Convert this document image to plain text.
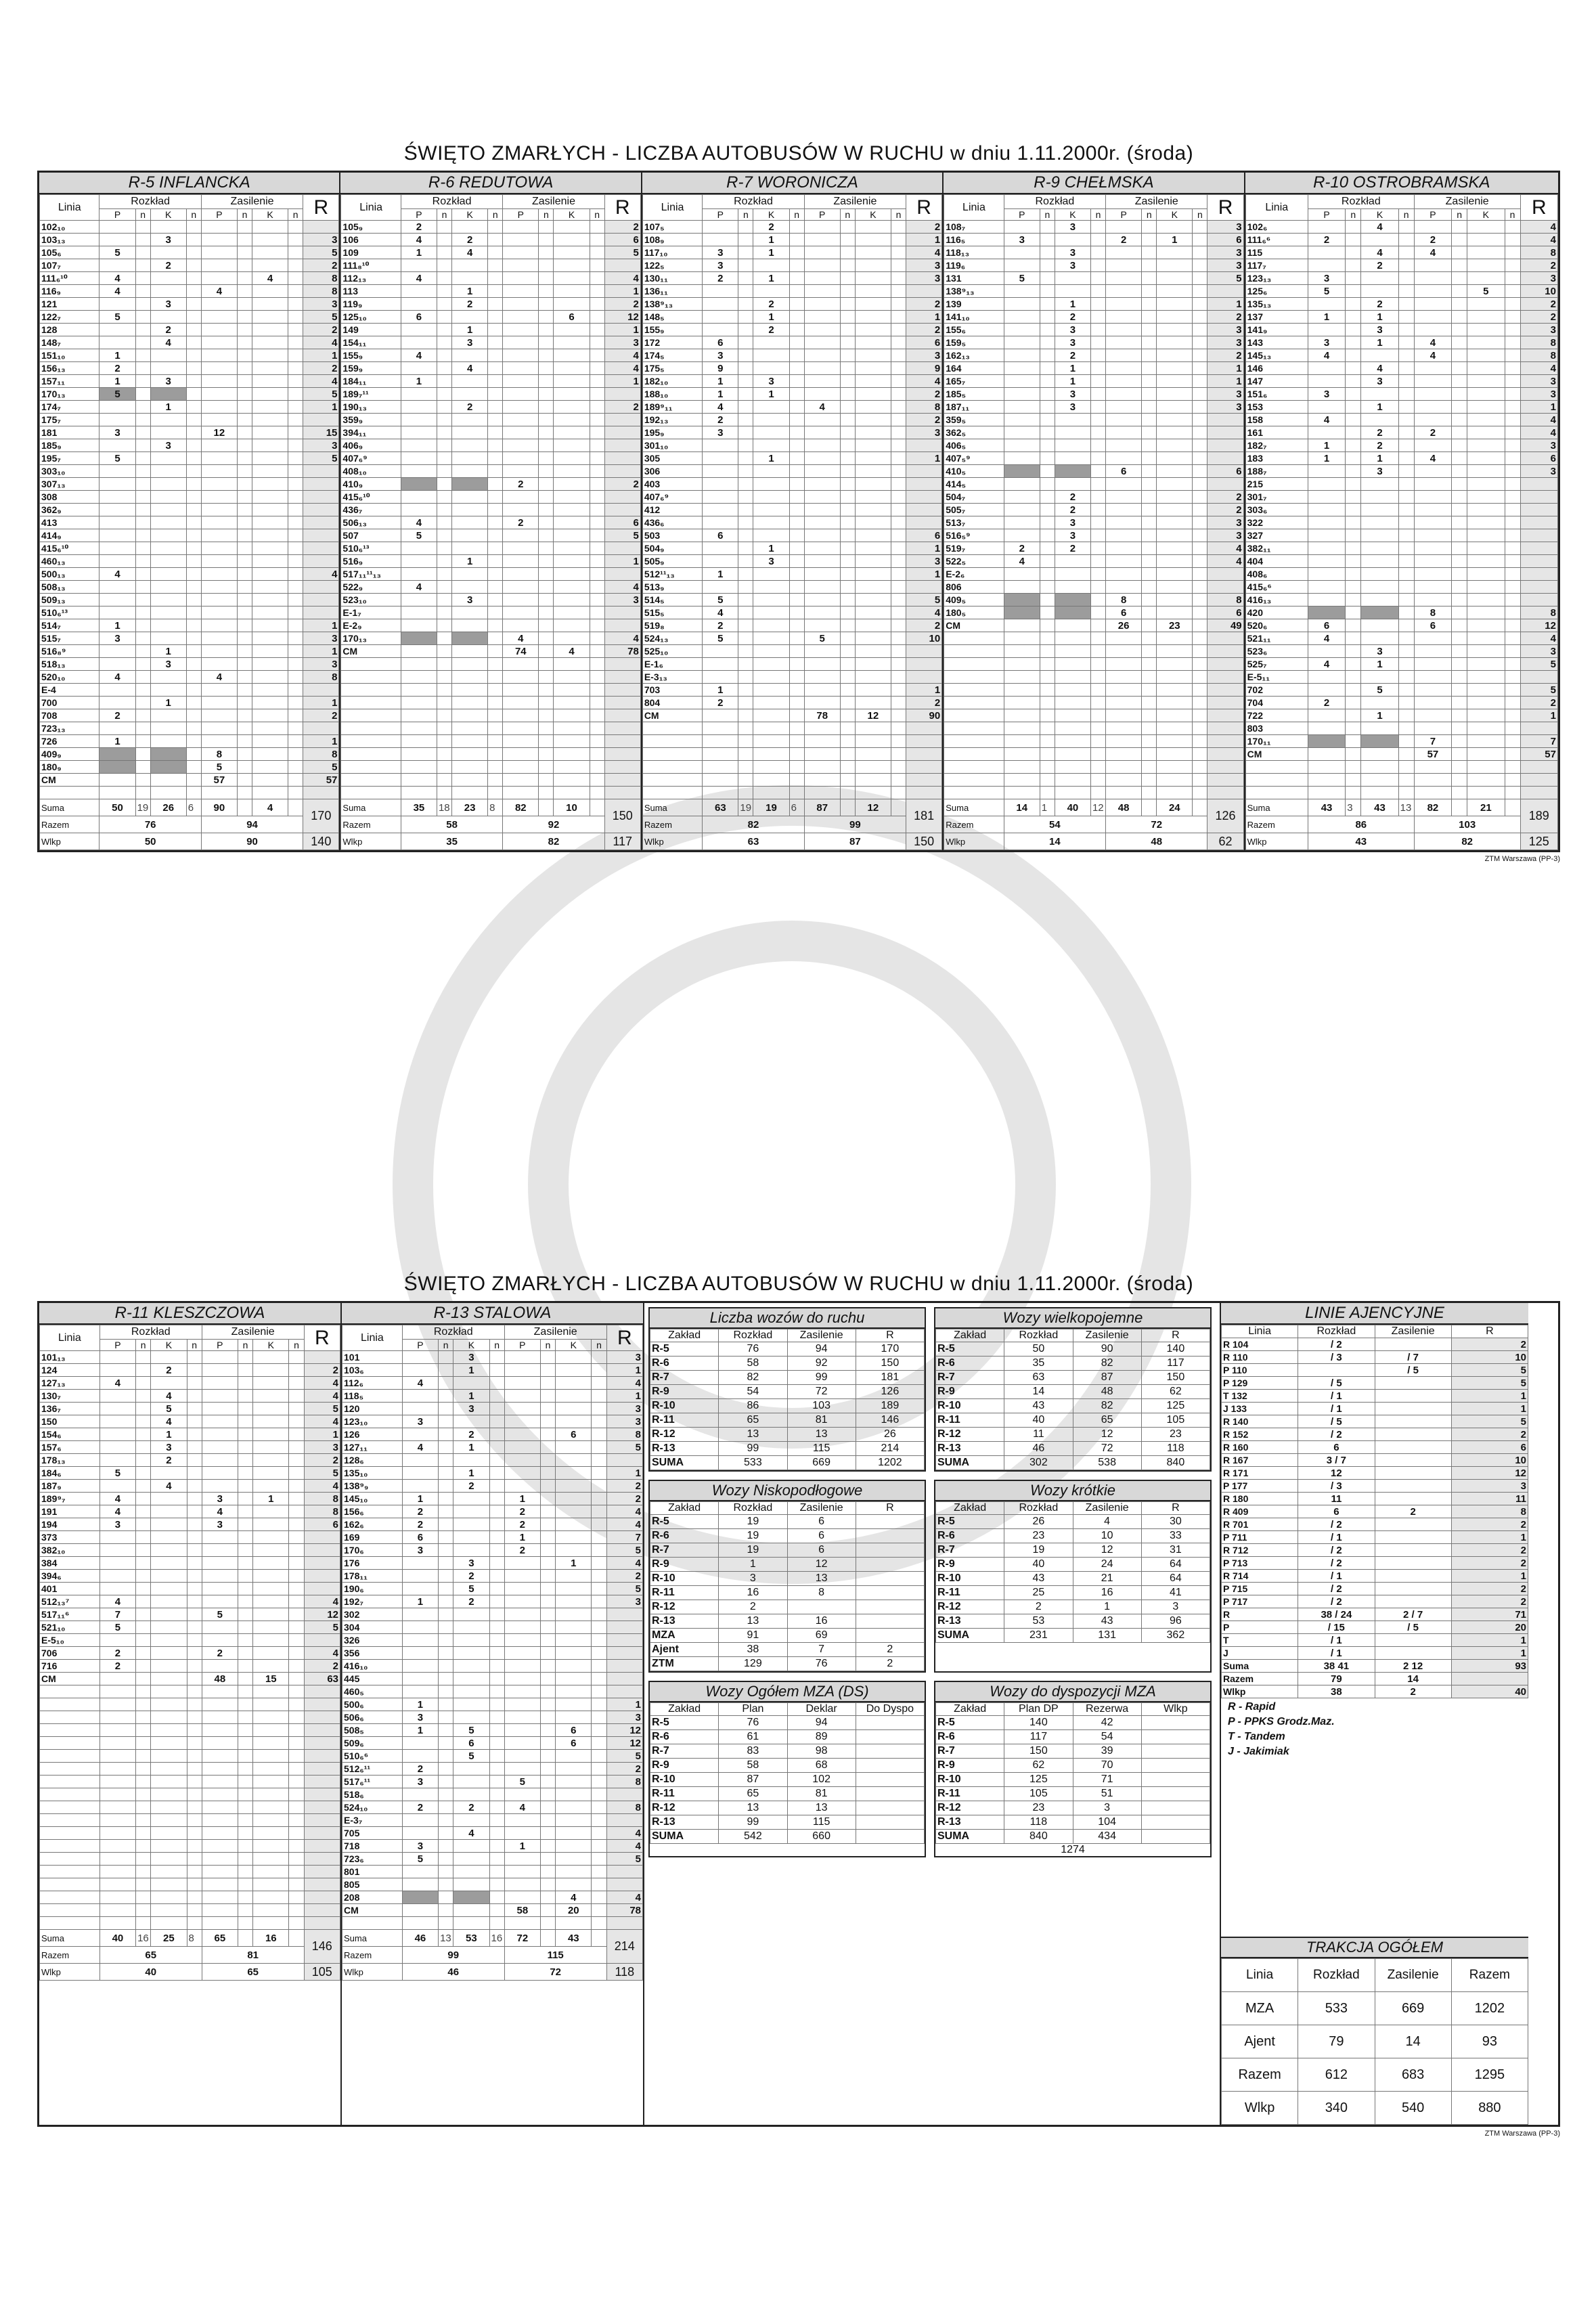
ŚWIĘTO ZMARŁYCH - LICZBA AUTOBUSÓW W RUCHU w dniu 1.11.2000r. (środa)
R-5 INFLANCKA
Linia	Rozkład				Zasilenie				R
	P	n	K	n	P	n	K	n	
102₁₀									
103₁₃			3						3
105₆	5								5
107₇			2						2
111₆¹⁰	4						4		8
116₉	4				4				8
121			3						3
122₇	5								5
128			2						2
148₇			4						4
151₁₀	1								1
156₁₃	2								2
157₁₁	1		3						4
170₁₃	5								5
174₇			1						1
175₇									
181	3				12				15
185₉			3						3
195₇	5								5
303₁₀									
307₁₃									
308									
362₉									
413									
414₉									
415₆¹⁰									
460₁₃									
500₁₃	4								4
508₁₃									
509₁₃									
510₆¹³									
514₇	1								1
515₇	3								3
516₈⁹			1						1
518₁₃			3						3
520₁₀	4				4				8
E-4									
700			1						1
708	2								2
723₁₃									
726	1								1
409₉					8				8
180₉					5				5
CM					57				57

Suma	50	19	26	6	90		4		170
Razem	76				94				
Wlkp	50				90				140
R-6 REDUTOWA
Linia	Rozkład				Zasilenie				R
	P	n	K	n	P	n	K	n	
105₉	2								2
106	4		2						6
109	1		4						5
111₈¹⁰									
112₁₃	4								4
113			1						1
119₉			2						2
125₁₀	6						6		12
149			1						1
154₁₁			3						3
155₉	4								4
159₉			4						4
184₁₁	1								1
189₇¹¹									
190₁₃			2						2
359₉									
394₁₁									
406₉									
407₆⁹									
408₁₀									
410₉					2				2
415₆¹⁰									
436₇									
506₁₃	4				2				6
507	5								5
510₆¹³									
516₉			1						1
517₁₁¹¹₁₃									
522₉	4								4
523₁₀			3						3
E-1₇									
E-2₉									
170₁₃					4				4
CM					74		4		78

Suma	35	18	23	8	82		10		150
Razem	58				92				
Wlkp	35				82				117
R-7 WORONICZA
Linia	Rozkład				Zasilenie				R
	P	n	K	n	P	n	K	n	
107₅			2						2
108₉			1						1
117₁₀	3		1						4
122₅	3								3
130₁₁	2		1						3
136₁₁									
138⁹₁₃			2						2
148₅			1						1
155₉			2						2
172	6								6
174₅	3								3
175₅	9								9
182₁₀	1		3						4
188₁₀	1		1						2
189⁹₁₁	4				4				8
192₁₃	2								2
195₉	3								3
301₁₀									
305			1						1
306									
403									
407₆⁹									
412									
436₆									
503	6								6
504₉			1						1
505₉			3						3
512¹¹₁₃	1								1
513₉									
514₅	5								5
515₅	4								4
519₈	2								2
524₁₃	5				5				10
525₁₀									
E-1₆									
E-3₁₃									
703	1								1
804	2								2
CM					78		12		90

Suma	63	19	19	6	87		12		181
Razem	82				99				
Wlkp	63				87				150
R-9 CHEŁMSKA
Linia	Rozkład				Zasilenie				R
	P	n	K	n	P	n	K	n	
108₇			3						3
116₅	3				2		1		6
118₁₃			3						3
119₆			3						3
131	5								5
138⁹₁₃									
139			1						1
141₁₀			2						2
155₆			3						3
159₅			3						3
162₁₃			2						2
164			1						1
165₇			1						1
185₅			3						3
187₁₁			3						3
359₅									
362₅									
406₅									
407₅⁹									
410₅					6				6
414₅									
504₇			2						2
505₇			2						2
513₇			3						3
516₅⁹			3						3
519₇	2		2						4
522₅	4								4
E-2₆									
806									
409₅					8				8
180₅					6				6
CM					26		23		49

Suma	14	1	40	12	48		24		126
Razem	54				72				
Wlkp	14				48				62
R-10 OSTROBRAMSKA
Linia	Rozkład				Zasilenie				R
	P	n	K	n	P	n	K	n	
102₆			4						4
111₆⁶	2				2				4
115			4		4				8
117₇			2						2
123₁₃	3								3
125₆	5						5		10
135₁₃			2						2
137	1		1						2
141₉			3						3
143	3		1		4				8
145₁₃	4				4				8
146			4						4
147			3						3
151₆	3								3
153			1						1
158	4								4
161			2		2				4
182₇	1		2						3
183	1		1		4				6
188₇			3						3
215									
301₇									
303₆									
322									
327									
382₁₁									
404									
408₆									
415₆⁶									
416₁₃									
420					8				8
520₆	6				6				12
521₁₁	4								4
523₆			3						3
525₇	4		1						5
E-5₁₁									
702			5						5
704	2								2
722			1						1
803									
170₁₁					7				7
CM					57				57

Suma	43	3	43	13	82		21		189
Razem	86				103				
Wlkp	43				82				125
ZTM Warszawa (PP-3)
ŚWIĘTO ZMARŁYCH - LICZBA AUTOBUSÓW W RUCHU w dniu 1.11.2000r. (środa)
R-11 KLESZCZOWA
Linia	Rozkład				Zasilenie				R
	P	n	K	n	P	n	K	n	
101₁₃									
124			2						2
127₁₃	4								4
130₇			4						4
136₇			5						5
150			4						4
154₆			1						1
157₆			3						3
178₁₃			2						2
184₆	5								5
187₉			4						4
189⁹₇	4				3		1		8
191	4				4				8
194	3				3				6
373									
382₁₀									
384									
394₆									
401									
512₁₃⁷	4								4
517₁₁⁶	7				5				12
521₁₀	5								5
E-5₁₀									
706	2				2				4
716	2								2
CM					48		15		63

Suma	40	16	25	8	65		16		146
Razem	65				81				
Wlkp	40				65				105
R-13 STALOWA
Linia	Rozkład				Zasilenie				R
	P	n	K	n	P	n	K	n	
101			3						3
103₆			1						1
112₆	4								4
118₅			1						1
120			3						3
123₁₀	3								3
126			2				6		8
127₁₁	4		1						5
128₆									
135₁₀			1						1
138⁹₉			2						2
145₁₀	1				1				2
156₆	2				2				4
162₆	2				2				4
169	6				1				7
170₆	3				2				5
176			3				1		4
178₁₁			2						2
190₆			5						5
192₇	1		2						3
302									
304									
326									
356									
416₁₀									
445									
460₅									
500₆	1								1
506₆	3								3
508₅	1		5				6		12
509₆			6				6		12
510₆⁶			5						5
512₆¹¹	2								2
517₆¹¹	3				5				8
518₆									
524₁₀	2		2		4				8
E-3₇									
705			4						4
718	3				1				4
723₆	5								5
801									
805									
208							4		4
CM					58		20		78

Suma	46	13	53	16	72		43		214
Razem	99				115				
Wlkp	46				72				118
Liczba wozów do ruchu
Zakład	Rozkład	Zasilenie	R
R-5	76	94	170
R-6	58	92	150
R-7	82	99	181
R-9	54	72	126
R-10	86	103	189
R-11	65	81	146
R-12	13	13	26
R-13	99	115	214
SUMA	533	669	1202
Wozy wielkopojemne
Zakład	Rozkład	Zasilenie	R
R-5	50	90	140
R-6	35	82	117
R-7	63	87	150
R-9	14	48	62
R-10	43	82	125
R-11	40	65	105
R-12	11	12	23
R-13	46	72	118
SUMA	302	538	840
Wozy Niskopodłogowe
Zakład	Rozkład	Zasilenie	R
R-5	19	6	
R-6	19	6	
R-7	19	6	
R-9	1	12	
R-10	3	13	
R-11	16	8	
R-12	2		
R-13	13	16	
MZA	91	69	
Ajent	38	7	2
ZTM	129	76	2
Wozy krótkie
Zakład	Rozkład	Zasilenie	R
R-5	26	4	30
R-6	23	10	33
R-7	19	12	31
R-9	40	24	64
R-10	43	21	64
R-11	25	16	41
R-12	2	1	3
R-13	53	43	96
SUMA	231	131	362
Wozy Ogółem MZA (DS)
Zakład	Plan	Deklar	Do Dyspo
R-5	76	94	
R-6	61	89	
R-7	83	98	
R-9	58	68	
R-10	87	102	
R-11	65	81	
R-12	13	13	
R-13	99	115	
SUMA	542	660	
Wozy do dyspozycji MZA
Zakład	Plan DP	Rezerwa	Wlkp
R-5	140	42	
R-6	117	54	
R-7	150	39	
R-9	62	70	
R-10	125	71	
R-11	105	51	
R-12	23	3	
R-13	118	104	
SUMA	840	434	
1274
LINIE AJENCYJNE
Linia	Rozkład	Zasilenie	R
R 104	/ 2		2
R 110	/ 3	/ 7	10
P 110		/ 5	5
P 129	/ 5		5
T 132	/ 1		1
J 133	/ 1		1
R 140	/ 5		5
R 152	/ 2		2
R 160	6		6
R 167	3 / 7		10
R 171	12		12
P 177	/ 3		3
R 180	11		11
R 409	6	2	8
R 701	/ 2		2
P 711	/ 1		1
R 712	/ 2		2
P 713	/ 2		2
R 714	/ 1		1
P 715	/ 2		2
P 717	/ 2		2
R	38 / 24	2 / 7	71
P	/ 15	/ 5	20
T	/ 1		1
J	/ 1		1
Suma	38 41	2 12	93
Razem	79	14	
Wlkp	38	2	40
R - Rapid
P - PPKS Grodz.Maz.
T - Tandem
J - Jakimiak
TRAKCJA OGÓŁEM
Linia	Rozkład	Zasilenie	Razem
MZA	533	669	1202
Ajent	79	14	93
Razem	612	683	1295
Wlkp	340	540	880
ZTM Warszawa (PP-3)
